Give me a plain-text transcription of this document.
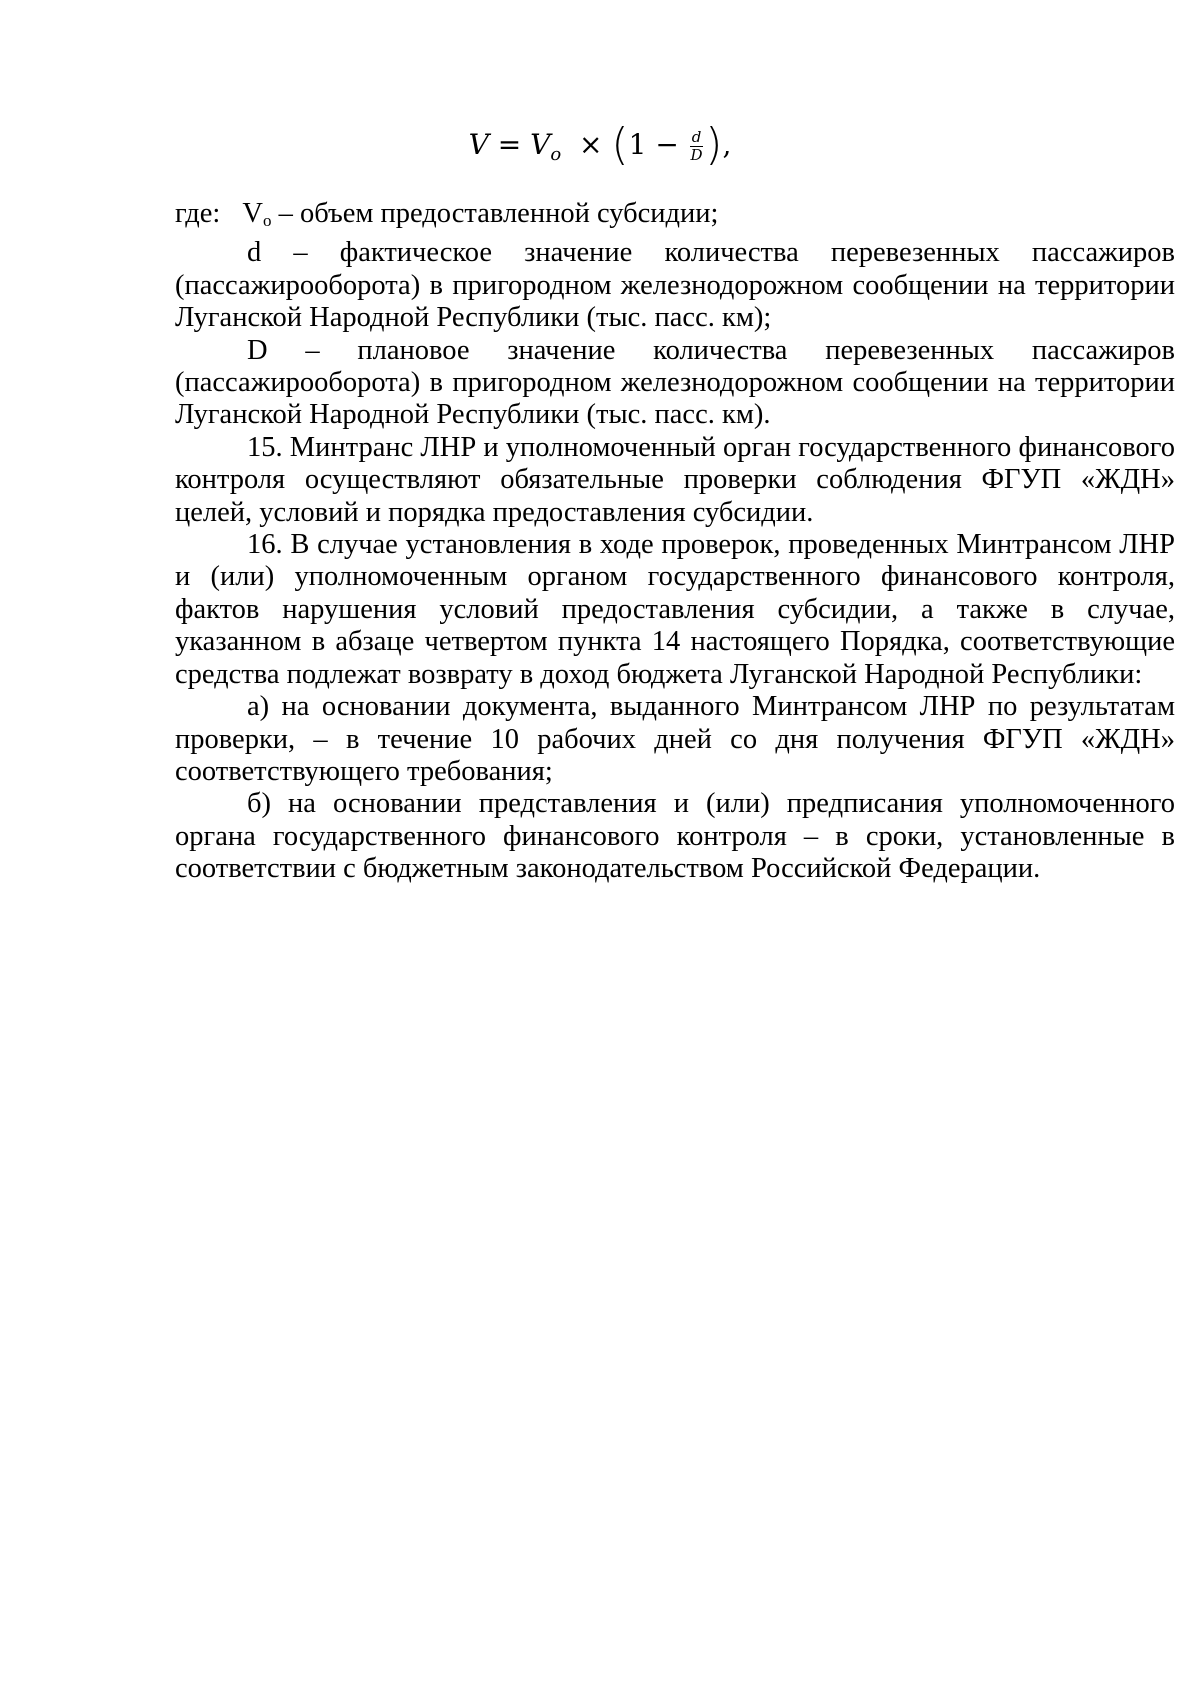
$V = V_o \times (1 - \frac{d}{D}$ ),

где: Vо – объем предоставленной субсидии;

d – фактическое значение количества перевезенных пассажиров (пассажирооборота) в пригородном железнодорожном сообщении на территории Луганской Народной Республики (тыс. пасс. км);

D – плановое значение количества перевезенных пассажиров (пассажирооборота) в пригородном железнодорожном сообщении на территории Луганской Народной Республики (тыс. пасс. км).

15. Минтранс ЛНР и уполномоченный орган государственного финансового контроля осуществляют обязательные проверки соблюдения ФГУП «ЖДН» целей, условий и порядка предоставления субсидии.

16. В случае установления в ходе проверок, проведенных Минтрансом ЛНР и (или) уполномоченным органом государственного финансового контроля, фактов нарушения условий предоставления субсидии, а также в случае, указанном в абзаце четвертом пункта 14 настоящего Порядка, соответствующие средства подлежат возврату в доход бюджета Луганской Народной Республики:

а) на основании документа, выданного Минтрансом ЛНР по результатам проверки, – в течение 10 рабочих дней со дня получения ФГУП «ЖДН» соответствующего требования;

б) на основании представления и (или) предписания уполномоченного органа государственного финансового контроля – в сроки, установленные в соответствии с бюджетным законодательством Российской Федерации.
